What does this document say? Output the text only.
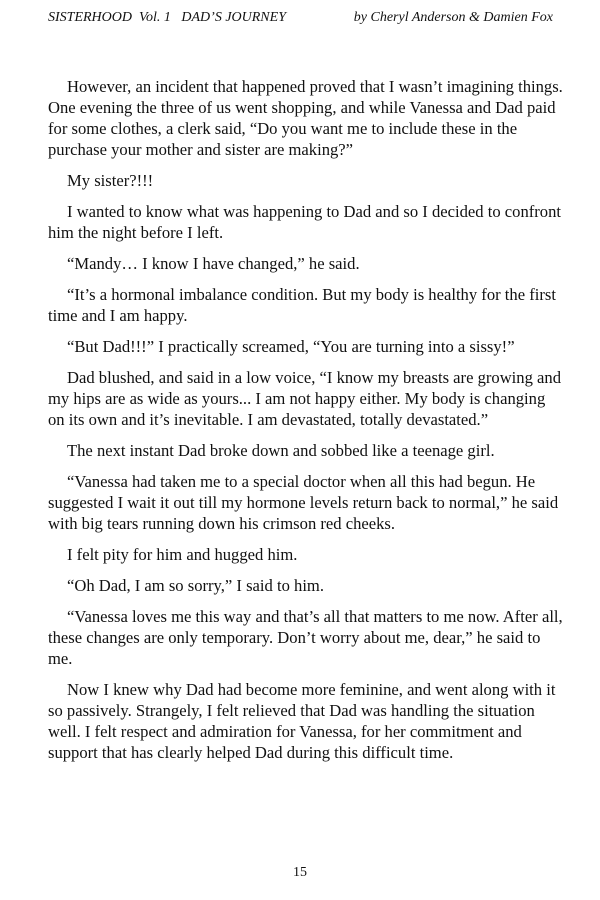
SISTERHOOD  Vol. 1   DAD’S JOURNEY	by Cheryl Anderson & Damien Fox

However, an incident that happened proved that I wasn’t imagining things. One evening the three of us went shopping, and while Vanessa and Dad paid for some clothes, a clerk said, “Do you want me to include these in the purchase your mother and sister are making?”

My sister?!!!

I wanted to know what was happening to Dad and so I decided to confront him the night before I left.

“Mandy… I know I have changed,” he said.

“It’s a hormonal imbalance condition. But my body is healthy for the first time and I am happy.

“But Dad!!!” I practically screamed, “You are turning into a sissy!”

Dad blushed, and said in a low voice, “I know my breasts are growing and my hips are as wide as yours... I am not happy either. My body is changing on its own and it’s inevitable. I am devastated, totally devastated.”

The next instant Dad broke down and sobbed like a teenage girl.

“Vanessa had taken me to a special doctor when all this had begun. He suggested I wait it out till my hormone levels return back to normal,” he said with big tears running down his crimson red cheeks.

I felt pity for him and hugged him.

“Oh Dad, I am so sorry,” I said to him.

“Vanessa loves me this way and that’s all that matters to me now. After all, these changes are only temporary. Don’t worry about me, dear,” he said to me.

Now I knew why Dad had become more feminine, and went along with it so passively. Strangely, I felt relieved that Dad was handling the situation well. I felt respect and admiration for Vanessa, for her commitment and support that has clearly helped Dad during this difficult time.

15
